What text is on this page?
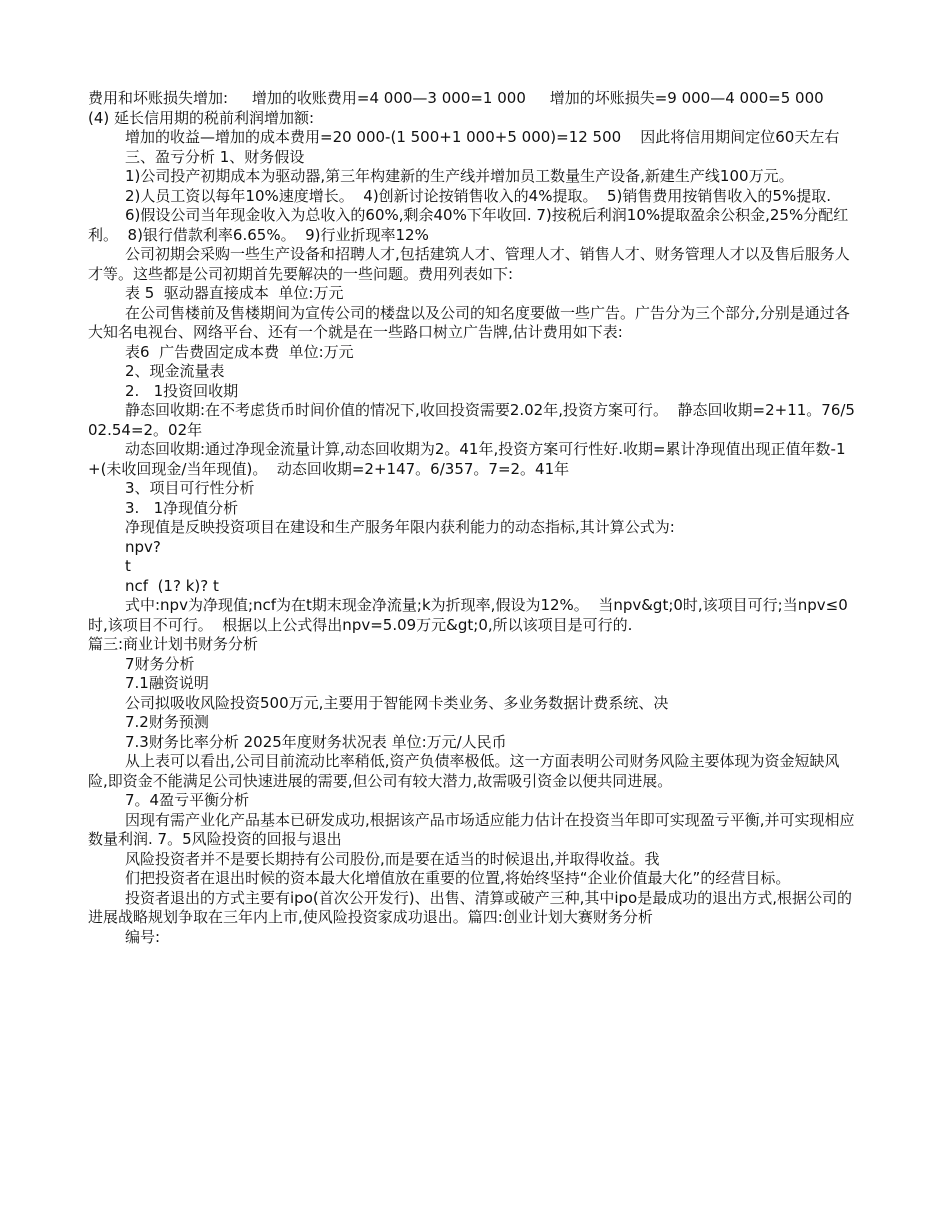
费用和坏账损失增加:     增加的收账费用=4 000—3 000=1 000     增加的坏账损失=9 000—4 000=5 000     (4) 延长信用期的税前利润增加额:

增加的收益—增加的成本费用=20 000-(1 500+1 000+5 000)=12 500    因此将信用期间定位60天左右

三、盈亏分析 1、财务假设

1)公司投产初期成本为驱动器,第三年构建新的生产线并增加员工数量生产设备,新建生产线100万元。

2)人员工资以每年10%速度增长。  4)创新讨论按销售收入的4%提取。  5)销售费用按销售收入的5%提取.

6)假设公司当年现金收入为总收入的60%,剩余40%下年收回. 7)按税后利润10%提取盈余公积金,25%分配红利。  8)银行借款利率6.65%。  9)行业折现率12%

公司初期会采购一些生产设备和招聘人才,包括建筑人才、管理人才、销售人才、财务管理人才以及售后服务人才等。这些都是公司初期首先要解决的一些问题。费用列表如下:

表 5  驱动器直接成本  单位:万元

在公司售楼前及售楼期间为宣传公司的楼盘以及公司的知名度要做一些广告。广告分为三个部分,分别是通过各大知名电视台、网络平台、还有一个就是在一些路口树立广告牌,估计费用如下表:

表6  广告费固定成本费  单位:万元

2、现金流量表

2.   1投资回收期

静态回收期:在不考虑货币时间价值的情况下,收回投资需要2.02年,投资方案可行。  静态回收期=2+11。76/502.54=2。02年

动态回收期:通过净现金流量计算,动态回收期为2。41年,投资方案可行性好.收期=累计净现值出现正值年数-1+(未收回现金/当年现值)。  动态回收期=2+147。6/357。7=2。41年

3、项目可行性分析

3.   1净现值分析

净现值是反映投资项目在建设和生产服务年限内获利能力的动态指标,其计算公式为:

npv?

t

ncf  (1? k)? t

式中:npv为净现值;ncf为在t期末现金净流量;k为折现率,假设为12%。  当npv&gt;0时,该项目可行;当npv≤0时,该项目不可行。  根据以上公式得出npv=5.09万元&gt;0,所以该项目是可行的.

篇三:商业计划书财务分析

7财务分析

7.1融资说明

公司拟吸收风险投资500万元,主要用于智能网卡类业务、多业务数据计费系统、决

7.2财务预测

7.3财务比率分析 2025年度财务状况表 单位:万元/人民币

从上表可以看出,公司目前流动比率稍低,资产负债率极低。这一方面表明公司财务风险主要体现为资金短缺风险,即资金不能满足公司快速进展的需要,但公司有较大潜力,故需吸引资金以便共同进展。

7。4盈亏平衡分析

因现有需产业化产品基本已研发成功,根据该产品市场适应能力估计在投资当年即可实现盈亏平衡,并可实现相应数量利润. 7。5风险投资的回报与退出

风险投资者并不是要长期持有公司股份,而是要在适当的时候退出,并取得收益。我

们把投资者在退出时候的资本最大化增值放在重要的位置,将始终坚持“企业价值最大化”的经营目标。

投资者退出的方式主要有ipo(首次公开发行)、出售、清算或破产三种,其中ipo是最成功的退出方式,根据公司的进展战略规划争取在三年内上市,使风险投资家成功退出。篇四:创业计划大赛财务分析

编号:
